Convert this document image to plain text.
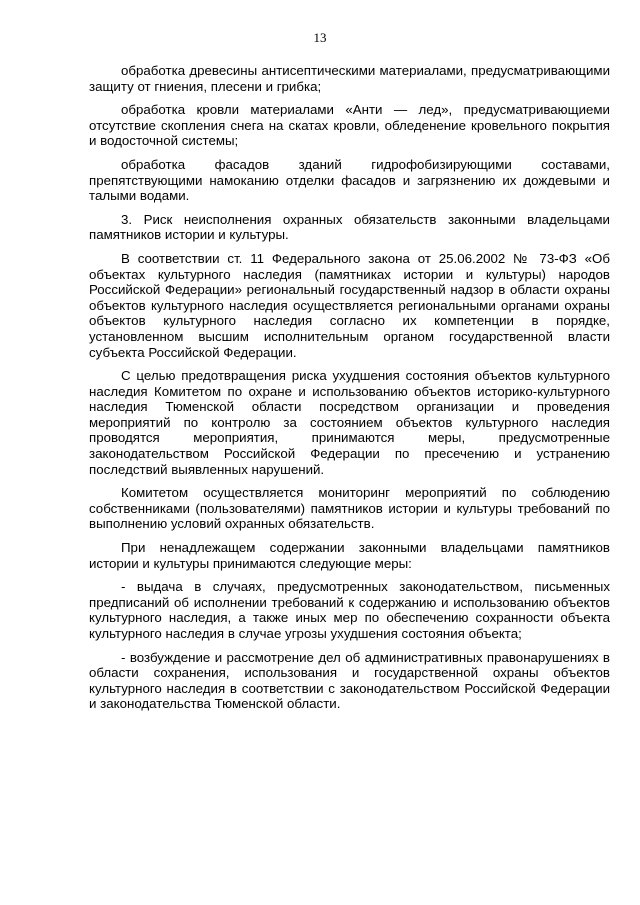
13

обработка древесины антисептическими материалами, предусматривающими защиту от гниения, плесени и грибка;

обработка кровли материалами «Анти — лед», предусматривающиеми отсутствие скопления снега на скатах кровли, обледенение кровельного покрытия и водосточной системы;

обработка фасадов зданий гидрофобизирующими составами, препятствующими намоканию отделки фасадов и загрязнению их дождевыми и талыми водами.

3. Риск неисполнения охранных обязательств законными владельцами памятников истории и культуры.

В соответствии ст. 11 Федерального закона от 25.06.2002 № 73-ФЗ «Об объектах культурного наследия (памятниках истории и культуры) народов Российской Федерации» региональный государственный надзор в области охраны объектов культурного наследия осуществляется региональными органами охраны объектов культурного наследия согласно их компетенции в порядке, установленном высшим исполнительным органом государственной власти субъекта Российской Федерации.

С целью предотвращения риска ухудшения состояния объектов культурного наследия Комитетом по охране и использованию объектов историко-культурного наследия Тюменской области посредством организации и проведения мероприятий по контролю за состоянием объектов культурного наследия проводятся мероприятия, принимаются меры, предусмотренные законодательством Российской Федерации по пресечению и устранению последствий выявленных нарушений.

Комитетом осуществляется мониторинг мероприятий по соблюдению собственниками (пользователями) памятников истории и культуры требований по выполнению условий охранных обязательств.

При ненадлежащем содержании законными владельцами памятников истории и культуры принимаются следующие меры:

- выдача в случаях, предусмотренных законодательством, письменных предписаний об исполнении требований к содержанию и использованию объектов культурного наследия, а также иных мер по обеспечению сохранности объекта культурного наследия в случае угрозы ухудшения состояния объекта;

- возбуждение и рассмотрение дел об административных правонарушениях в области сохранения, использования и государственной охраны объектов культурного наследия в соответствии с законодательством Российской Федерации и законодательства Тюменской области.
